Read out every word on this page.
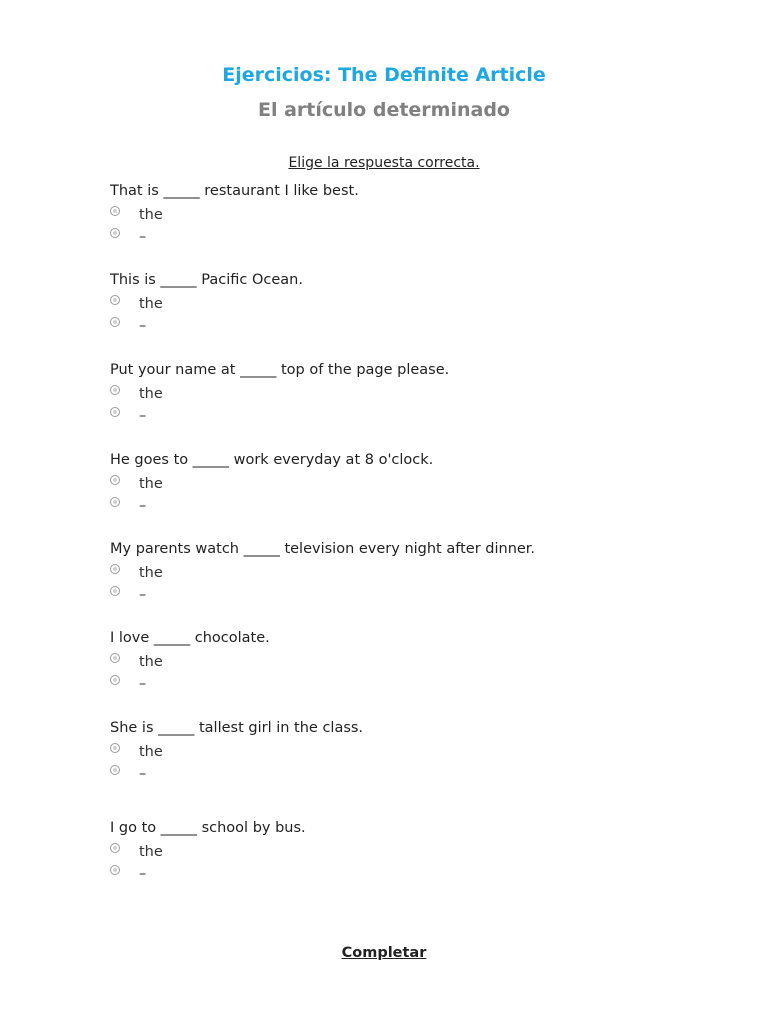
Ejercicios: The Definite Article
El artículo determinado
Elige la respuesta correcta.
That is _____ restaurant I like best.
the
–
This is _____ Pacific Ocean.
the
–
Put your name at _____ top of the page please.
the
–
He goes to _____ work everyday at 8 o'clock.
the
–
My parents watch _____ television every night after dinner.
the
–
I love _____ chocolate.
the
–
She is _____ tallest girl in the class.
the
–
I go to _____ school by bus.
the
–
Completar
